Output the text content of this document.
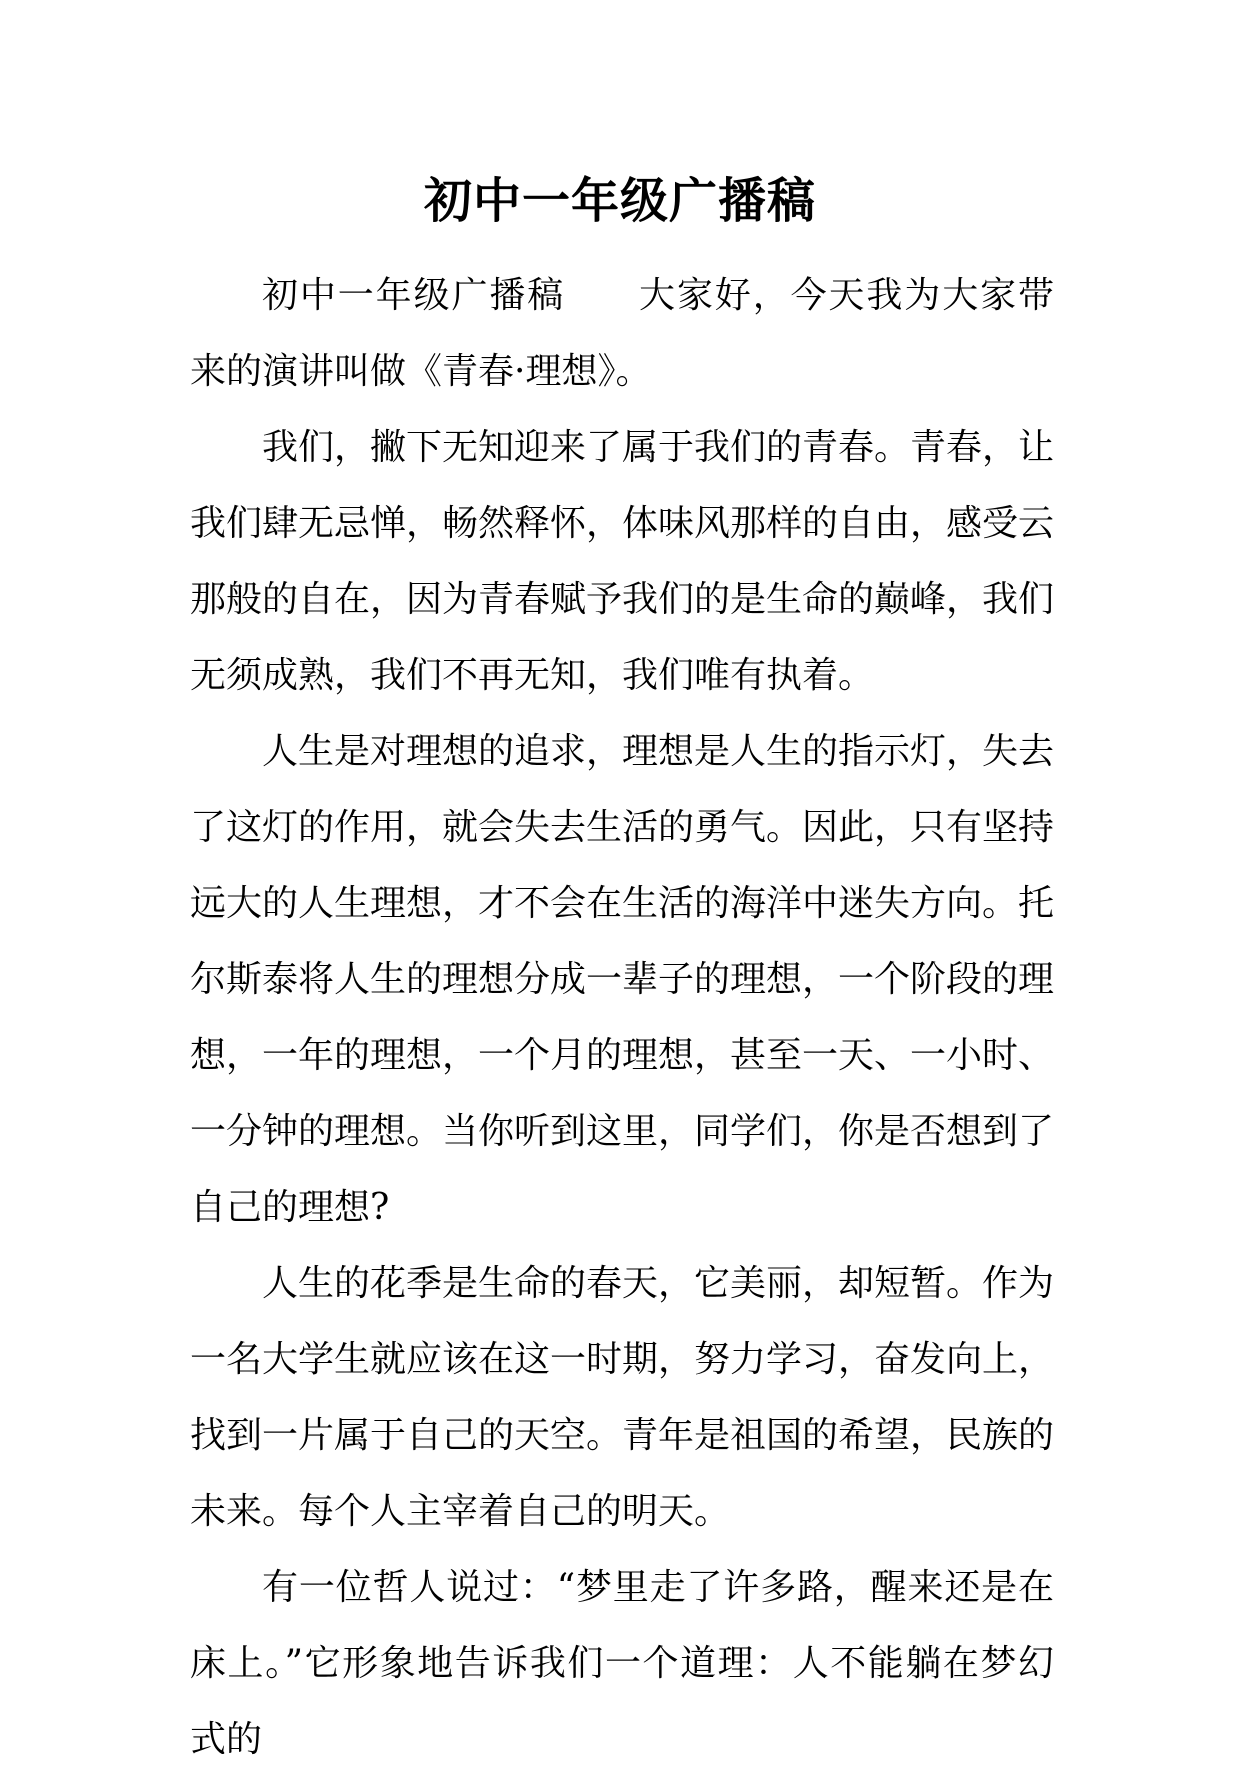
初中一年级广播稿

初中一年级广播稿 大家好，今天我为大家带来的演讲叫做《青春·理想》。

我们，撇下无知迎来了属于我们的青春。青春，让我们肆无忌惮，畅然释怀，体味风那样的自由，感受云那般的自在，因为青春赋予我们的是生命的巅峰，我们无须成熟，我们不再无知，我们唯有执着。

人生是对理想的追求，理想是人生的指示灯，失去了这灯的作用，就会失去生活的勇气。因此，只有坚持远大的人生理想，才不会在生活的海洋中迷失方向。托尔斯泰将人生的理想分成一辈子的理想，一个阶段的理想，一年的理想，一个月的理想，甚至一天、一小时、一分钟的理想。当你听到这里，同学们，你是否想到了自己的理想?

人生的花季是生命的春天，它美丽，却短暂。作为一名大学生就应该在这一时期，努力学习，奋发向上，找到一片属于自己的天空。青年是祖国的希望，民族的未来。每个人主宰着自己的明天。

有一位哲人说过：“梦里走了许多路，醒来还是在床上。”它形象地告诉我们一个道理：人不能躺在梦幻式的
